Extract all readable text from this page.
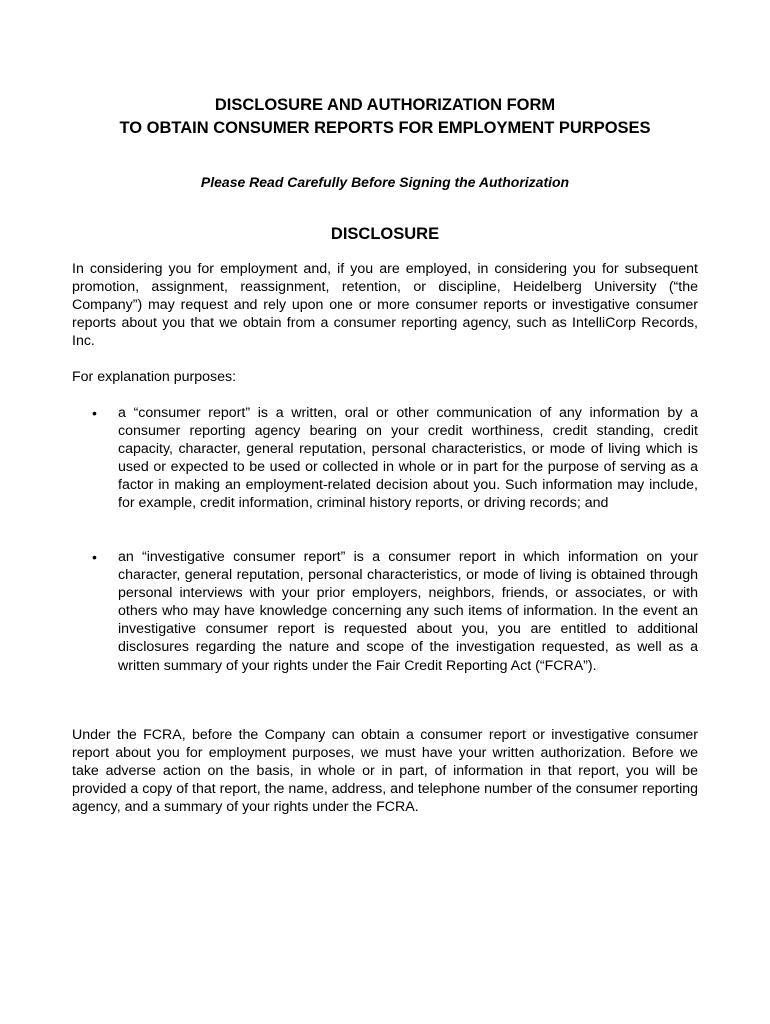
DISCLOSURE AND AUTHORIZATION FORM
TO OBTAIN CONSUMER REPORTS FOR EMPLOYMENT PURPOSES
Please Read Carefully Before Signing the Authorization
DISCLOSURE

In considering you for employment and, if you are employed, in considering you for subsequent promotion, assignment, reassignment, retention, or discipline, Heidelberg University (“the Company”) may request and rely upon one or more consumer reports or investigative consumer reports about you that we obtain from a consumer reporting agency, such as IntelliCorp Records, Inc.

For explanation purposes:

• a “consumer report” is a written, oral or other communication of any information by a consumer reporting agency bearing on your credit worthiness, credit standing, credit capacity, character, general reputation, personal characteristics, or mode of living which is used or expected to be used or collected in whole or in part for the purpose of serving as a factor in making an employment-related decision about you. Such information may include, for example, credit information, criminal history reports, or driving records; and

• an “investigative consumer report” is a consumer report in which information on your character, general reputation, personal characteristics, or mode of living is obtained through personal interviews with your prior employers, neighbors, friends, or associates, or with others who may have knowledge concerning any such items of information. In the event an investigative consumer report is requested about you, you are entitled to additional disclosures regarding the nature and scope of the investigation requested, as well as a written summary of your rights under the Fair Credit Reporting Act (“FCRA”).

Under the FCRA, before the Company can obtain a consumer report or investigative consumer report about you for employment purposes, we must have your written authorization. Before we take adverse action on the basis, in whole or in part, of information in that report, you will be provided a copy of that report, the name, address, and telephone number of the consumer reporting agency, and a summary of your rights under the FCRA.
